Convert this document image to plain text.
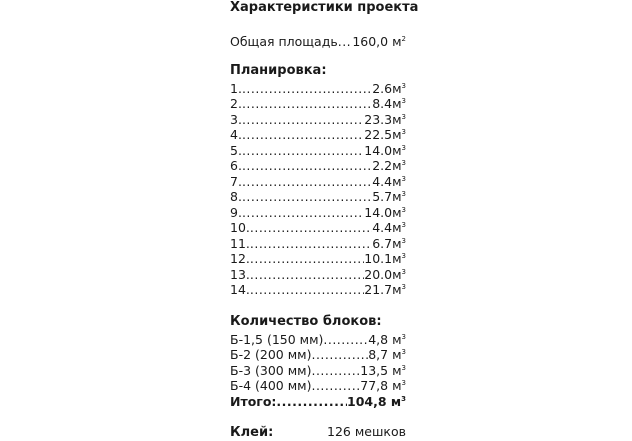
Характеристики проекта
Общая площадь ..... 160,0
$м^2$
Планировка:
1. .....	2.6 $м^3$
2. .....	8.4 $м^3$
3. .....	23.3 $м^3$
4. .....	22.5 $м^3$
5. .....	14.0 $м^3$
6. .....	2.2 $м^3$
7. .....	4.4 $м^3$
8. .....	5.7 $м^3$
9. .....	14.0 $м^3$
10. .....	4.4 $м^3$
11. .....	6.7 $м^3$
12. .....	10.1 $м^3$
13. .....	20.0 $м^3$
14. .....	21.7 $м^3$
Количество блоков:
Б-1,5 (150 мм) .....	4,8
$м^3$
Б-2 (200 мм) .....	8,7
$м^3$
Б-3 (300 мм) .....	13,5
$м^3$
Б-4 (400 мм) .....	77,8
$м^3$
Итого: .....	104,8
$м^3$
Клей:	126 мешков
